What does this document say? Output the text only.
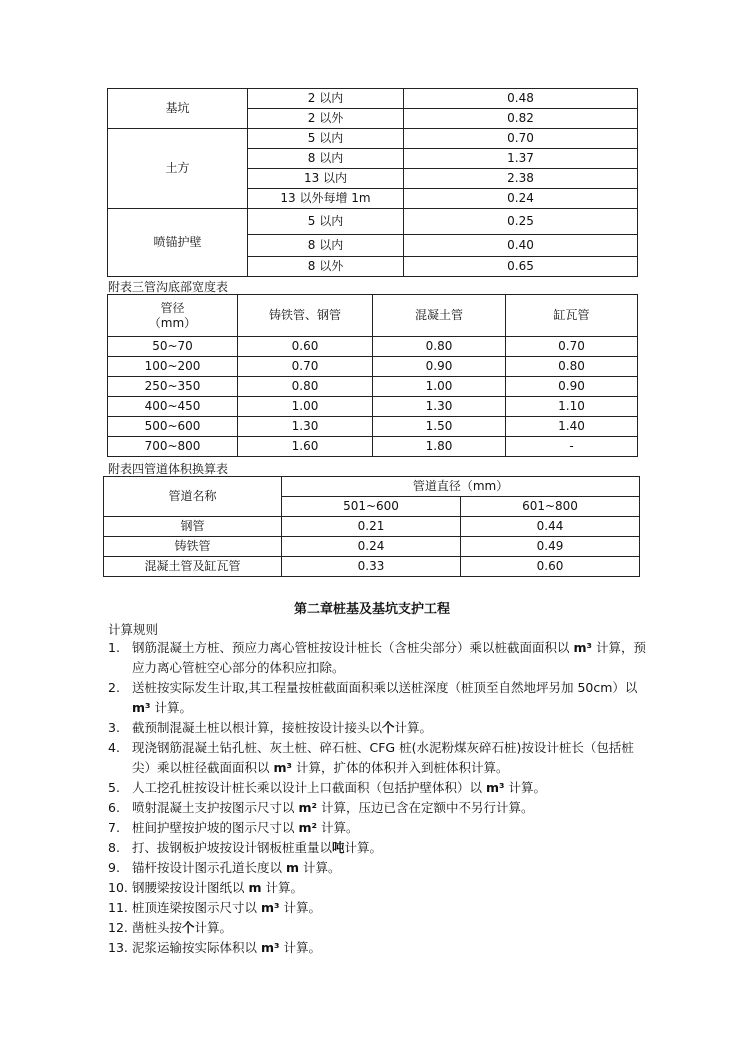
基坑	2 以内	0.48
	2 以外	0.82
土方	5 以内	0.70
	8 以内	1.37
	13 以内	2.38
	13 以外每增 1m	0.24
喷锚护壁	5 以内	0.25
	8 以内	0.40
	8 以外	0.65
附表三管沟底部宽度表
管径
（mm）	铸铁管、钢管	混凝土管	缸瓦管
50~70	0.60	0.80	0.70
100~200	0.70	0.90	0.80
250~350	0.80	1.00	0.90
400~450	1.00	1.30	1.10
500~600	1.30	1.50	1.40
700~800	1.60	1.80	-
附表四管道体积换算表
管道名称	管道直径（mm）	
	501~600	601~800
钢管	0.21	0.44
铸铁管	0.24	0.49
混凝土管及缸瓦管	0.33	0.60
第二章桩基及基坑支护工程
计算规则
1. 钢筋混凝土方桩、预应力离心管桩按设计桩长（含桩尖部分）乘以桩截面面积以 m³ 计算，预应力离心管桩空心部分的体积应扣除。
2. 送桩按实际发生计取,其工程量按桩截面面积乘以送桩深度（桩顶至自然地坪另加 50cm）以 m³ 计算。
3. 截预制混凝土桩以根计算，接桩按设计接头以个计算。
4. 现浇钢筋混凝土钻孔桩、灰土桩、碎石桩、CFG 桩(水泥粉煤灰碎石桩)按设计桩长（包括桩尖）乘以桩径截面面积以 m³ 计算，扩体的体积并入到桩体积计算。
5. 人工挖孔桩按设计桩长乘以设计上口截面积（包括护壁体积）以 m³ 计算。
6. 喷射混凝土支护按图示尺寸以 m² 计算，压边已含在定额中不另行计算。
7. 桩间护壁按护坡的图示尺寸以 m² 计算。
8. 打、拔钢板护坡按设计钢板桩重量以吨计算。
9. 锚杆按设计图示孔道长度以 m 计算。
10. 钢腰梁按设计图纸以 m 计算。
11. 桩顶连梁按图示尺寸以 m³ 计算。
12. 凿桩头按个计算。
13. 泥浆运输按实际体积以 m³ 计算。
